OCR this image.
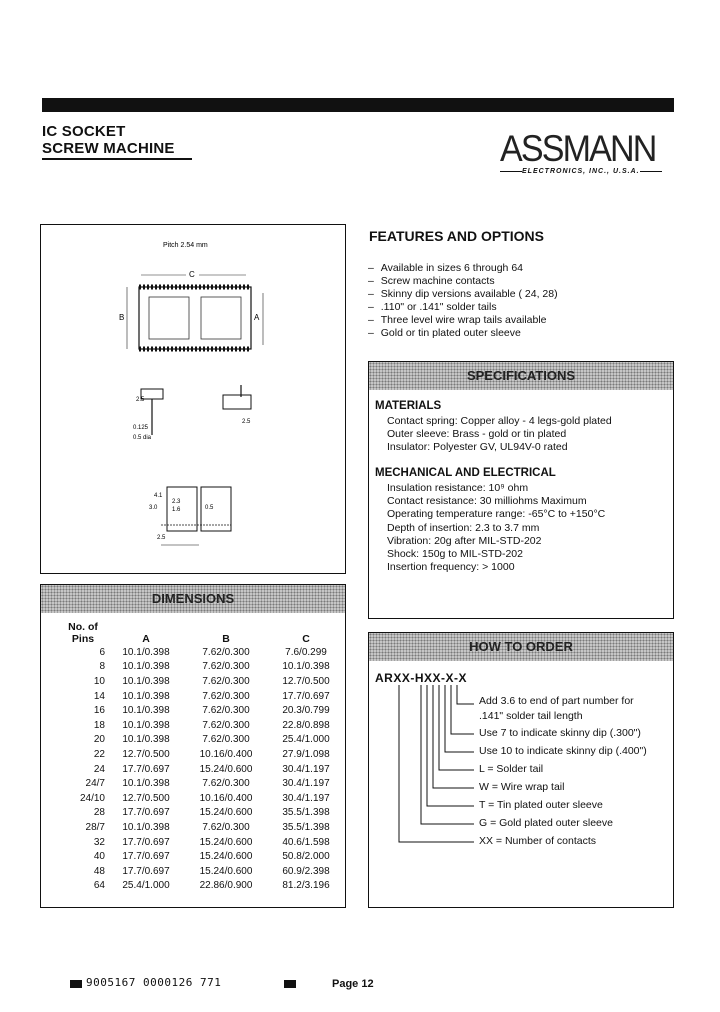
IC SOCKET
SCREW MACHINE	ASSMANN
ELECTRONICS, INC., U.S.A.
Pitch 2.54 mm
C
B	A
2.5
0.125
0.5 dia
2.5
4.1
2.3
1.6
3.0	0.5
2.5
DIMENSIONS
No. of
Pins	A	B	C
6	10.1/0.398	7.62/0.300	7.6/0.299
8	10.1/0.398	7.62/0.300	10.1/0.398
10	10.1/0.398	7.62/0.300	12.7/0.500
14	10.1/0.398	7.62/0.300	17.7/0.697
16	10.1/0.398	7.62/0.300	20.3/0.799
18	10.1/0.398	7.62/0.300	22.8/0.898
20	10.1/0.398	7.62/0.300	25.4/1.000
22	12.7/0.500	10.16/0.400	27.9/1.098
24	17.7/0.697	15.24/0.600	30.4/1.197
24/7	10.1/0.398	7.62/0.300	30.4/1.197
24/10	12.7/0.500	10.16/0.400	30.4/1.197
28	17.7/0.697	15.24/0.600	35.5/1.398
28/7	10.1/0.398	7.62/0.300	35.5/1.398
32	17.7/0.697	15.24/0.600	40.6/1.598
40	17.7/0.697	15.24/0.600	50.8/2.000
48	17.7/0.697	15.24/0.600	60.9/2.398
64	25.4/1.000	22.86/0.900	81.2/3.196
FEATURES AND OPTIONS
– Available in sizes 6 through 64
– Screw machine contacts
– Skinny dip versions available ( 24, 28)
– .110" or .141" solder tails
– Three level wire wrap tails available
– Gold or tin plated outer sleeve
SPECIFICATIONS
MATERIALS
Contact spring: Copper alloy - 4 legs-gold plated
Outer sleeve: Brass - gold or tin plated
Insulator: Polyester GV, UL94V-0 rated
MECHANICAL AND ELECTRICAL
Insulation resistance: 10⁹ ohm
Contact resistance: 30 milliohms Maximum
Operating temperature range: -65°C to +150°C
Depth of insertion: 2.3 to 3.7 mm
Vibration: 20g after MIL-STD-202
Shock: 150g to MIL-STD-202
Insertion frequency: > 1000
HOW TO ORDER
ARXX-HXX-X-X
Add 3.6 to end of part number for
.141" solder tail length
Use 7 to indicate skinny dip (.300")
Use 10 to indicate skinny dip (.400")
L = Solder tail
W = Wire wrap tail
T = Tin plated outer sleeve
G = Gold plated outer sleeve
XX = Number of contacts
9005167 0000126 771	Page 12
